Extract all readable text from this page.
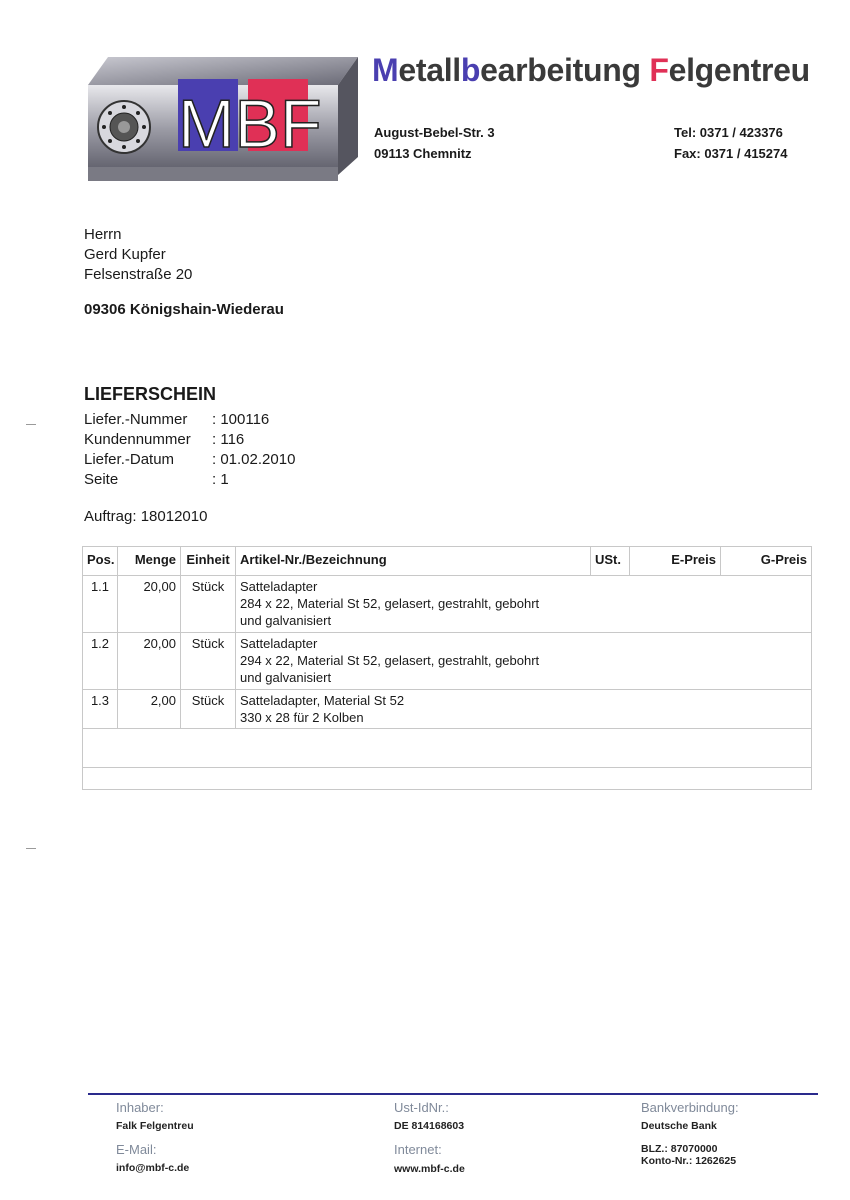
MBF
Metallbearbeitung Felgentreu
August-Bebel-Str. 3
09113 Chemnitz
Tel: 0371 / 423376
Fax: 0371 / 415274
Herrn
Gerd Kupfer
Felsenstraße 20
09306 Königshain-Wiederau
LIEFERSCHEIN
Liefer.-Nummer : 100116
Kundennummer : 116
Liefer.-Datum	: 01.02.2010
Seite	: 1
Auftrag: 18012010
Pos.	Menge	Einheit	Artikel-Nr./Bezeichnung	USt.	E-Preis	G-Preis
1.1	20,00	Stück	Satteladapter
284 x 22, Material St 52, gelasert, gestrahlt, gebohrt
und galvanisiert			

1.2	20,00	Stück	Satteladapter
294 x 22, Material St 52, gelasert, gestrahlt, gebohrt
und galvanisiert			

1.3	2,00	Stück	Satteladapter, Material St 52
330 x 28 für 2 Kolben			

Inhaber:
Falk Felgentreu
E-Mail:
info@mbf-c.de
Ust-IdNr.:
DE 814168603
Internet:
www.mbf-c.de
Bankverbindung:
Deutsche Bank
BLZ.: 87070000
Konto-Nr.: 1262625
